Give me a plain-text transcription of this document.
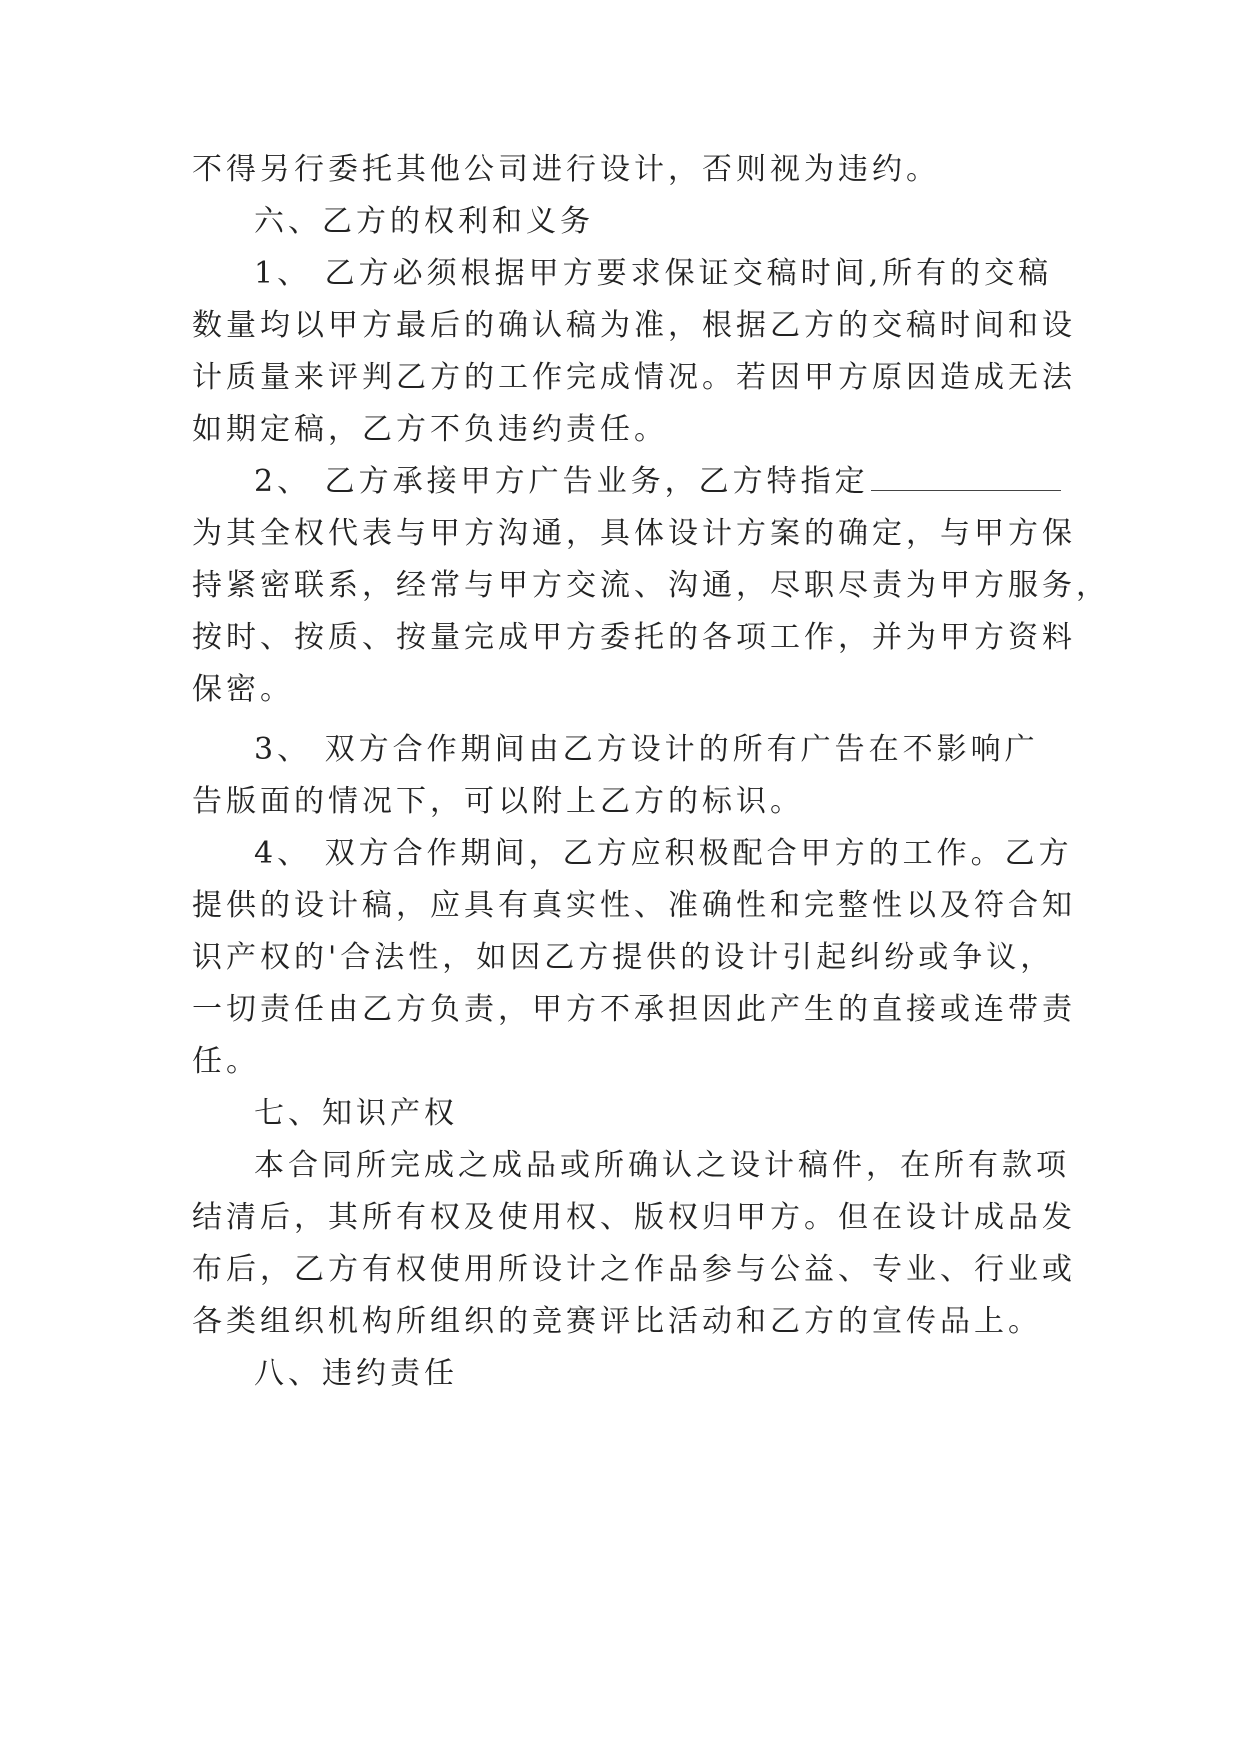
不得另行委托其他公司进行设计，否则视为违约。
六、乙方的权利和义务
1、 乙方必须根据甲方要求保证交稿时间,所有的交稿
数量均以甲方最后的确认稿为准，根据乙方的交稿时间和设
计质量来评判乙方的工作完成情况。若因甲方原因造成无法
如期定稿，乙方不负违约责任。
2、 乙方承接甲方广告业务，乙方特指定
为其全权代表与甲方沟通，具体设计方案的确定，与甲方保
持紧密联系，经常与甲方交流、沟通，尽职尽责为甲方服务，
按时、按质、按量完成甲方委托的各项工作，并为甲方资料
保密。
3、 双方合作期间由乙方设计的所有广告在不影响广
告版面的情况下，可以附上乙方的标识。
4、 双方合作期间，乙方应积极配合甲方的工作。乙方
提供的设计稿，应具有真实性、准确性和完整性以及符合知
识产权的'合法性，如因乙方提供的设计引起纠纷或争议，
一切责任由乙方负责，甲方不承担因此产生的直接或连带责
任。
七、知识产权
本合同所完成之成品或所确认之设计稿件，在所有款项
结清后，其所有权及使用权、版权归甲方。但在设计成品发
布后，乙方有权使用所设计之作品参与公益、专业、行业或
各类组织机构所组织的竞赛评比活动和乙方的宣传品上。
八、违约责任
